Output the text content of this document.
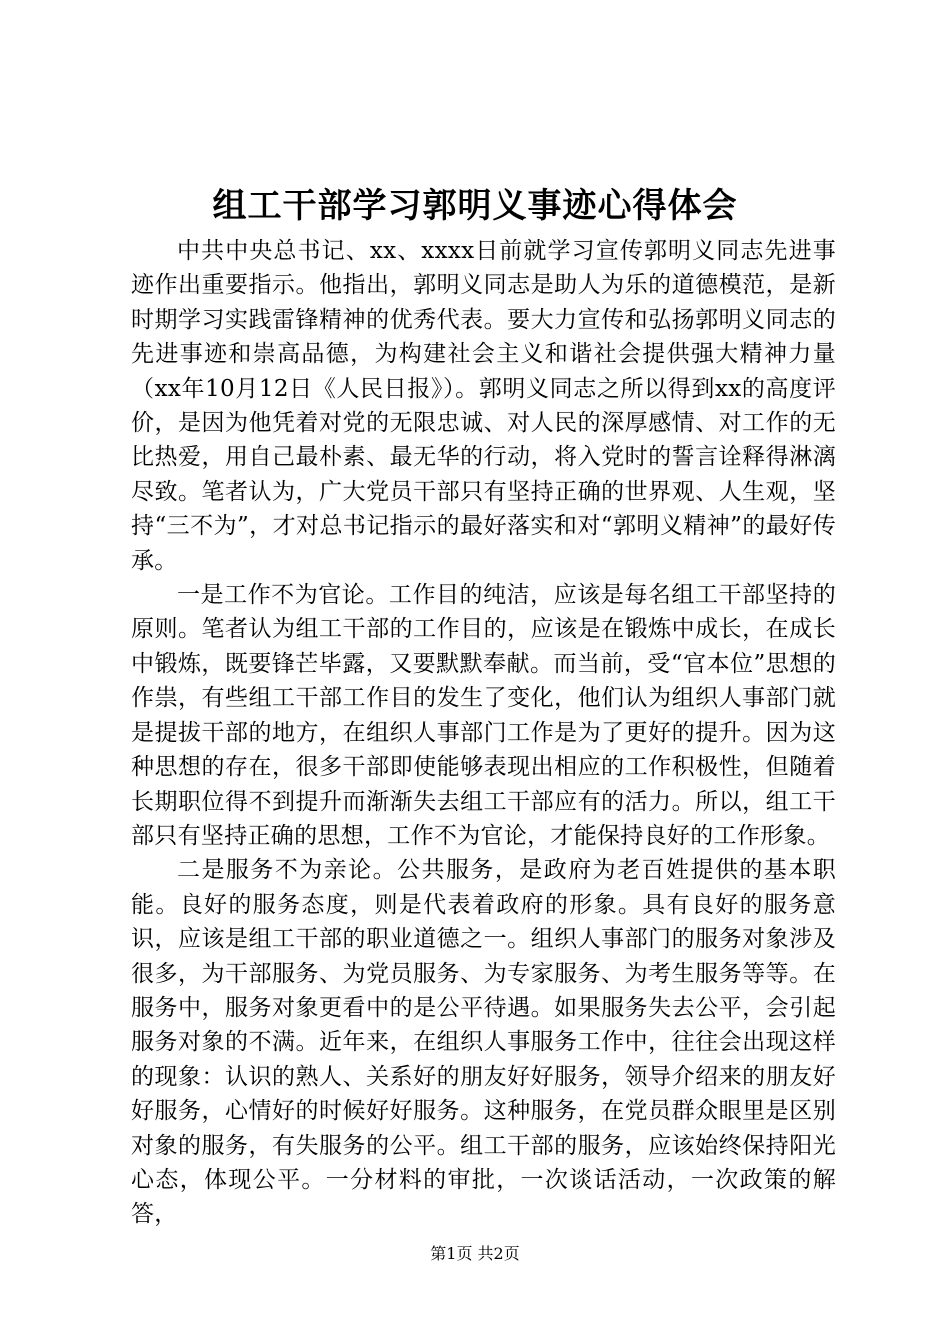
组工干部学习郭明义事迹心得体会

中共中央总书记、xx、xxxx日前就学习宣传郭明义同志先进事迹作出重要指示。他指出，郭明义同志是助人为乐的道德模范，是新时期学习实践雷锋精神的优秀代表。要大力宣传和弘扬郭明义同志的先进事迹和崇高品德，为构建社会主义和谐社会提供强大精神力量（xx年10月12日《人民日报》）。郭明义同志之所以得到xx的高度评价，是因为他凭着对党的无限忠诚、对人民的深厚感情、对工作的无比热爱，用自己最朴素、最无华的行动，将入党时的誓言诠释得淋漓尽致。笔者认为，广大党员干部只有坚持正确的世界观、人生观，坚持“三不为”，才对总书记指示的最好落实和对“郭明义精神”的最好传承。

一是工作不为官论。工作目的纯洁，应该是每名组工干部坚持的原则。笔者认为组工干部的工作目的，应该是在锻炼中成长，在成长中锻炼，既要锋芒毕露，又要默默奉献。而当前，受“官本位”思想的作祟，有些组工干部工作目的发生了变化，他们认为组织人事部门就是提拔干部的地方，在组织人事部门工作是为了更好的提升。因为这种思想的存在，很多干部即使能够表现出相应的工作积极性，但随着长期职位得不到提升而渐渐失去组工干部应有的活力。所以，组工干部只有坚持正确的思想，工作不为官论，才能保持良好的工作形象。

二是服务不为亲论。公共服务，是政府为老百姓提供的基本职能。良好的服务态度，则是代表着政府的形象。具有良好的服务意识，应该是组工干部的职业道德之一。组织人事部门的服务对象涉及很多，为干部服务、为党员服务、为专家服务、为考生服务等等。在服务中，服务对象更看中的是公平待遇。如果服务失去公平，会引起服务对象的不满。近年来，在组织人事服务工作中，往往会出现这样的现象：认识的熟人、关系好的朋友好好服务，领导介绍来的朋友好好服务，心情好的时候好好服务。这种服务，在党员群众眼里是区别对象的服务，有失服务的公平。组工干部的服务，应该始终保持阳光心态，体现公平。一分材料的审批，一次谈话活动，一次政策的解答，

第1页 共2页
